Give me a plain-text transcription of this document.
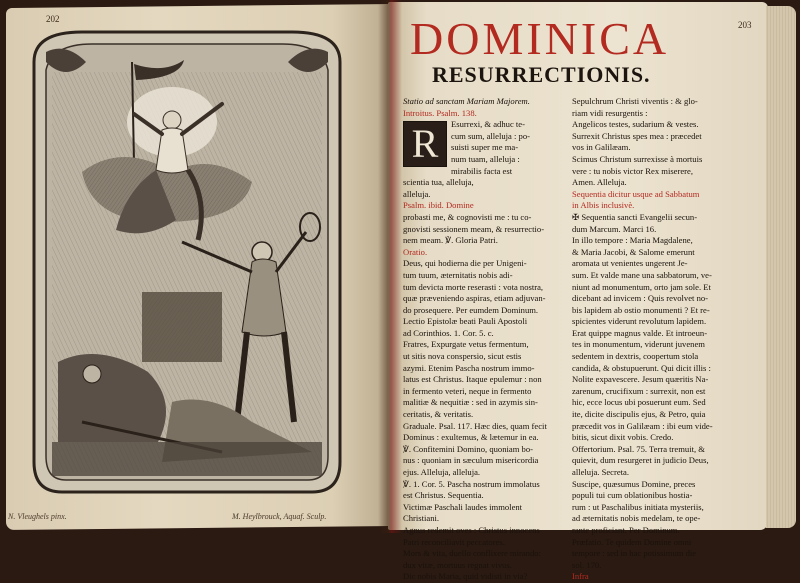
202

N. Vleughels pinx.	M. Heylbrouck, Aquaf. Sculp.

203

DOMINICA
RESURRECTIONIS.

Statio ad sanctam Mariam Majorem.

Introitus. Psalm. 138.

R	Esurrexi, & adhuc te-

cum sum, alleluja : po-

suisti super me ma-

num tuam, alleluja :

mirabilis facta est

scientia tua, alleluja,

alleluja.

Psalm. ibid. Domine

probasti me, & cognovisti me : tu co-

gnovisti sessionem meam, & resurrectio-

nem meam. ℣. Gloria Patri.

Oratio.

Deus, qui hodierna die per Unigeni-

tum tuum, æternitatis nobis adi-

tum devicta morte reserasti : vota nostra,

quæ præveniendo aspiras, etiam adjuvan-

do prosequere. Per eumdem Dominum.

Lectio Epistolæ beati Pauli Apostoli

ad Corinthios. 1. Cor. 5. c.

Fratres, Expurgate vetus fermentum,

ut sitis nova conspersio, sicut estis

azymi. Etenim Pascha nostrum immo-

latus est Christus. Itaque epulemur : non

in fermento veteri, neque in fermento

malitiæ & nequitiæ : sed in azymis sin-

ceritatis, & veritatis.

Graduale. Psal. 117. Hæc dies, quam fecit

Dominus : exultemus, & lætemur in ea.

℣. Confitemini Domino, quoniam bo-

nus : quoniam in sæculum misericordia

ejus. Alleluja, alleluja.

℣. 1. Cor. 5. Pascha nostrum immolatus

est Christus. Sequentia.

Victimæ Paschali laudes immolent

Christiani.

Agnus redemit oves : Christus innocens

Patri reconciliavit peccatores.

Mors & vita, duello conflixere mirando:

dux vitæ, mortuus regnat vivus.

Dic nobis Maria, quid vidisti in via?

Sepulchrum Christi viventis : & glo-

riam vidi resurgentis :

Angelicos testes, sudarium & vestes.

Surrexit Christus spes mea : præcedet

vos in Galilæam.

Scimus Christum surrexisse à mortuis

vere : tu nobis victor Rex miserere,

Amen. Alleluja.

Sequentia dicitur usque ad Sabbatum

in Albis inclusivè.

✠ Sequentia sancti Evangelii secun-

dum Marcum. Marci 16.

In illo tempore : Maria Magdalene,

& Maria Jacobi, & Salome emerunt

aromata ut venientes ungerent Je-

sum. Et valde mane una sabbatorum, ve-

niunt ad monumentum, orto jam sole. Et

dicebant ad invicem : Quis revolvet no-

bis lapidem ab ostio monumenti ? Et re-

spicientes viderunt revolutum lapidem.

Erat quippe magnus valde. Et introeun-

tes in monumentum, viderunt juvenem

sedentem in dextris, coopertum stola

candida, & obstupuerunt. Qui dicit illis :

Nolite expavescere. Jesum quæritis Na-

zarenum, crucifixum : surrexit, non est

hic, ecce locus ubi posuerunt eum. Sed

ite, dicite discipulis ejus, & Petro, quia

præcedit vos in Galilæam : ibi eum vide-

bitis, sicut dixit vobis. Credo.

Offertorium. Psal. 75. Terra tremuit, &

quievit, dum resurgeret in judicio Deus,

alleluja. Secreta.

Suscipe, quæsumus Domine, preces

populi tui cum oblationibus hostia-

rum : ut Paschalibus initiata mysteriis,

ad æternitatis nobis medelam, te ope-

rante proficiant. Per Dominum.

Præfatio. Te quidem Domine omni

tempore : sed in hac potissimum die

sol. 170.

Infra
